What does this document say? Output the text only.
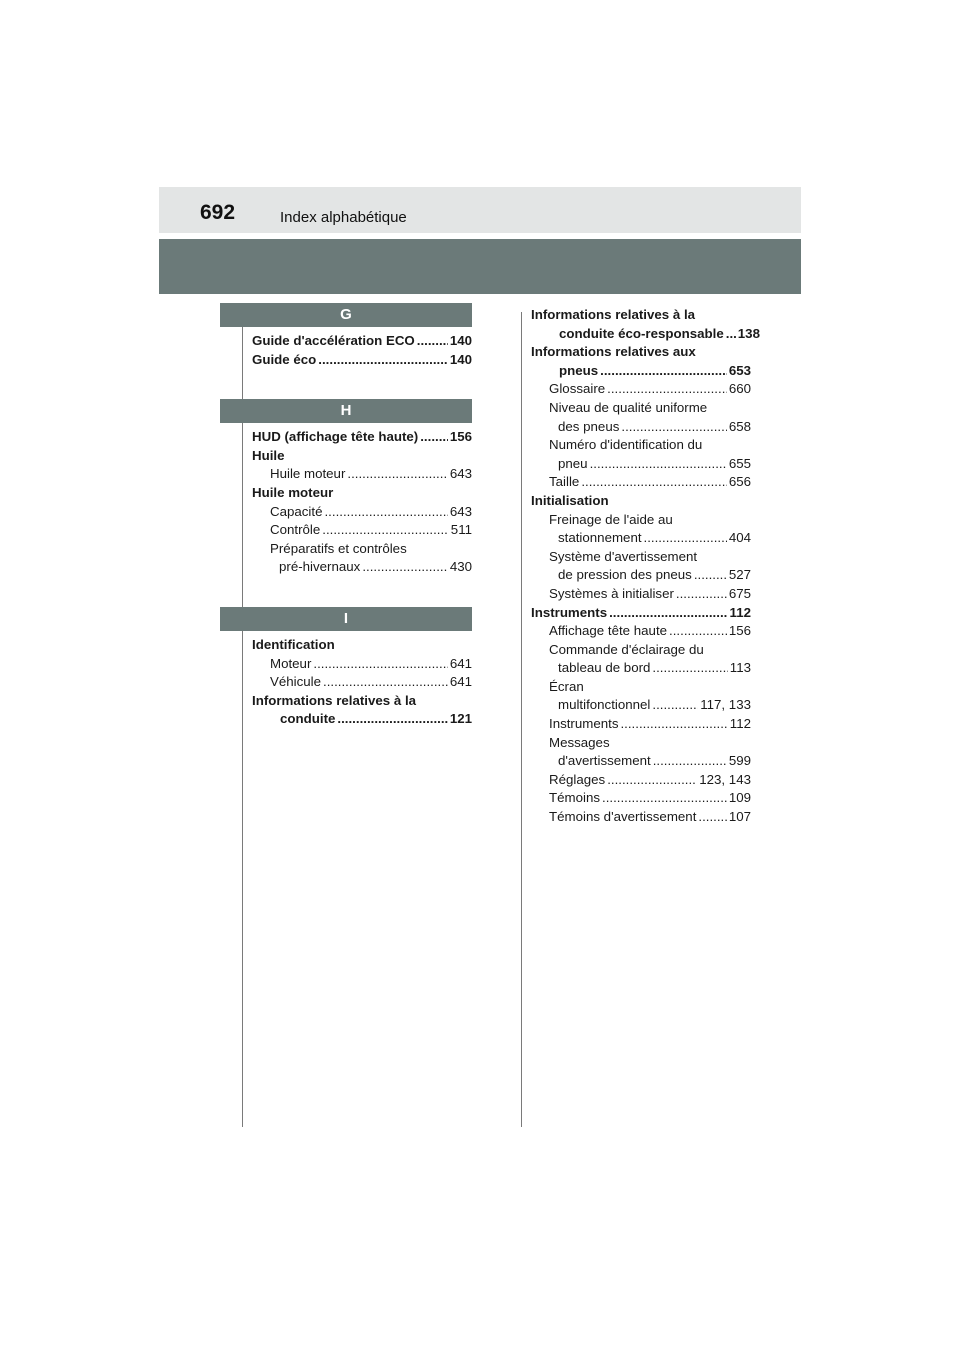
692	Index alphabétique
G
Guide d'accélération ECO .....	140
Guide éco .....	140
H
HUD (affichage tête haute) ..... 156
Huile
Huile moteur .....	643
Huile moteur
Capacité .....	643
Contrôle .....	511
Préparatifs et contrôles
pré-hivernaux .....	430
I
Identification
Moteur .....	641
Véhicule .....	641
Informations relatives à la
conduite .....	121
Informations relatives à la
conduite éco-responsable ..... 138
Informations relatives aux
pneus .....	653
Glossaire .....	660
Niveau de qualité uniforme
des pneus .....	658
Numéro d'identification du
pneu .....	655
Taille .....	656
Initialisation
Freinage de l'aide au
stationnement .....	404
Système d'avertissement
de pression des pneus .....	527
Systèmes à initialiser .....	675
Instruments .....	112
Affichage tête haute .....	156
Commande d'éclairage du
tableau de bord .....	113
Écran
multifonctionnel .....	117, 133
Instruments .....	112
Messages
d'avertissement .....	599
Réglages .....	123, 143
Témoins .....	109
Témoins d'avertissement ..... 107
